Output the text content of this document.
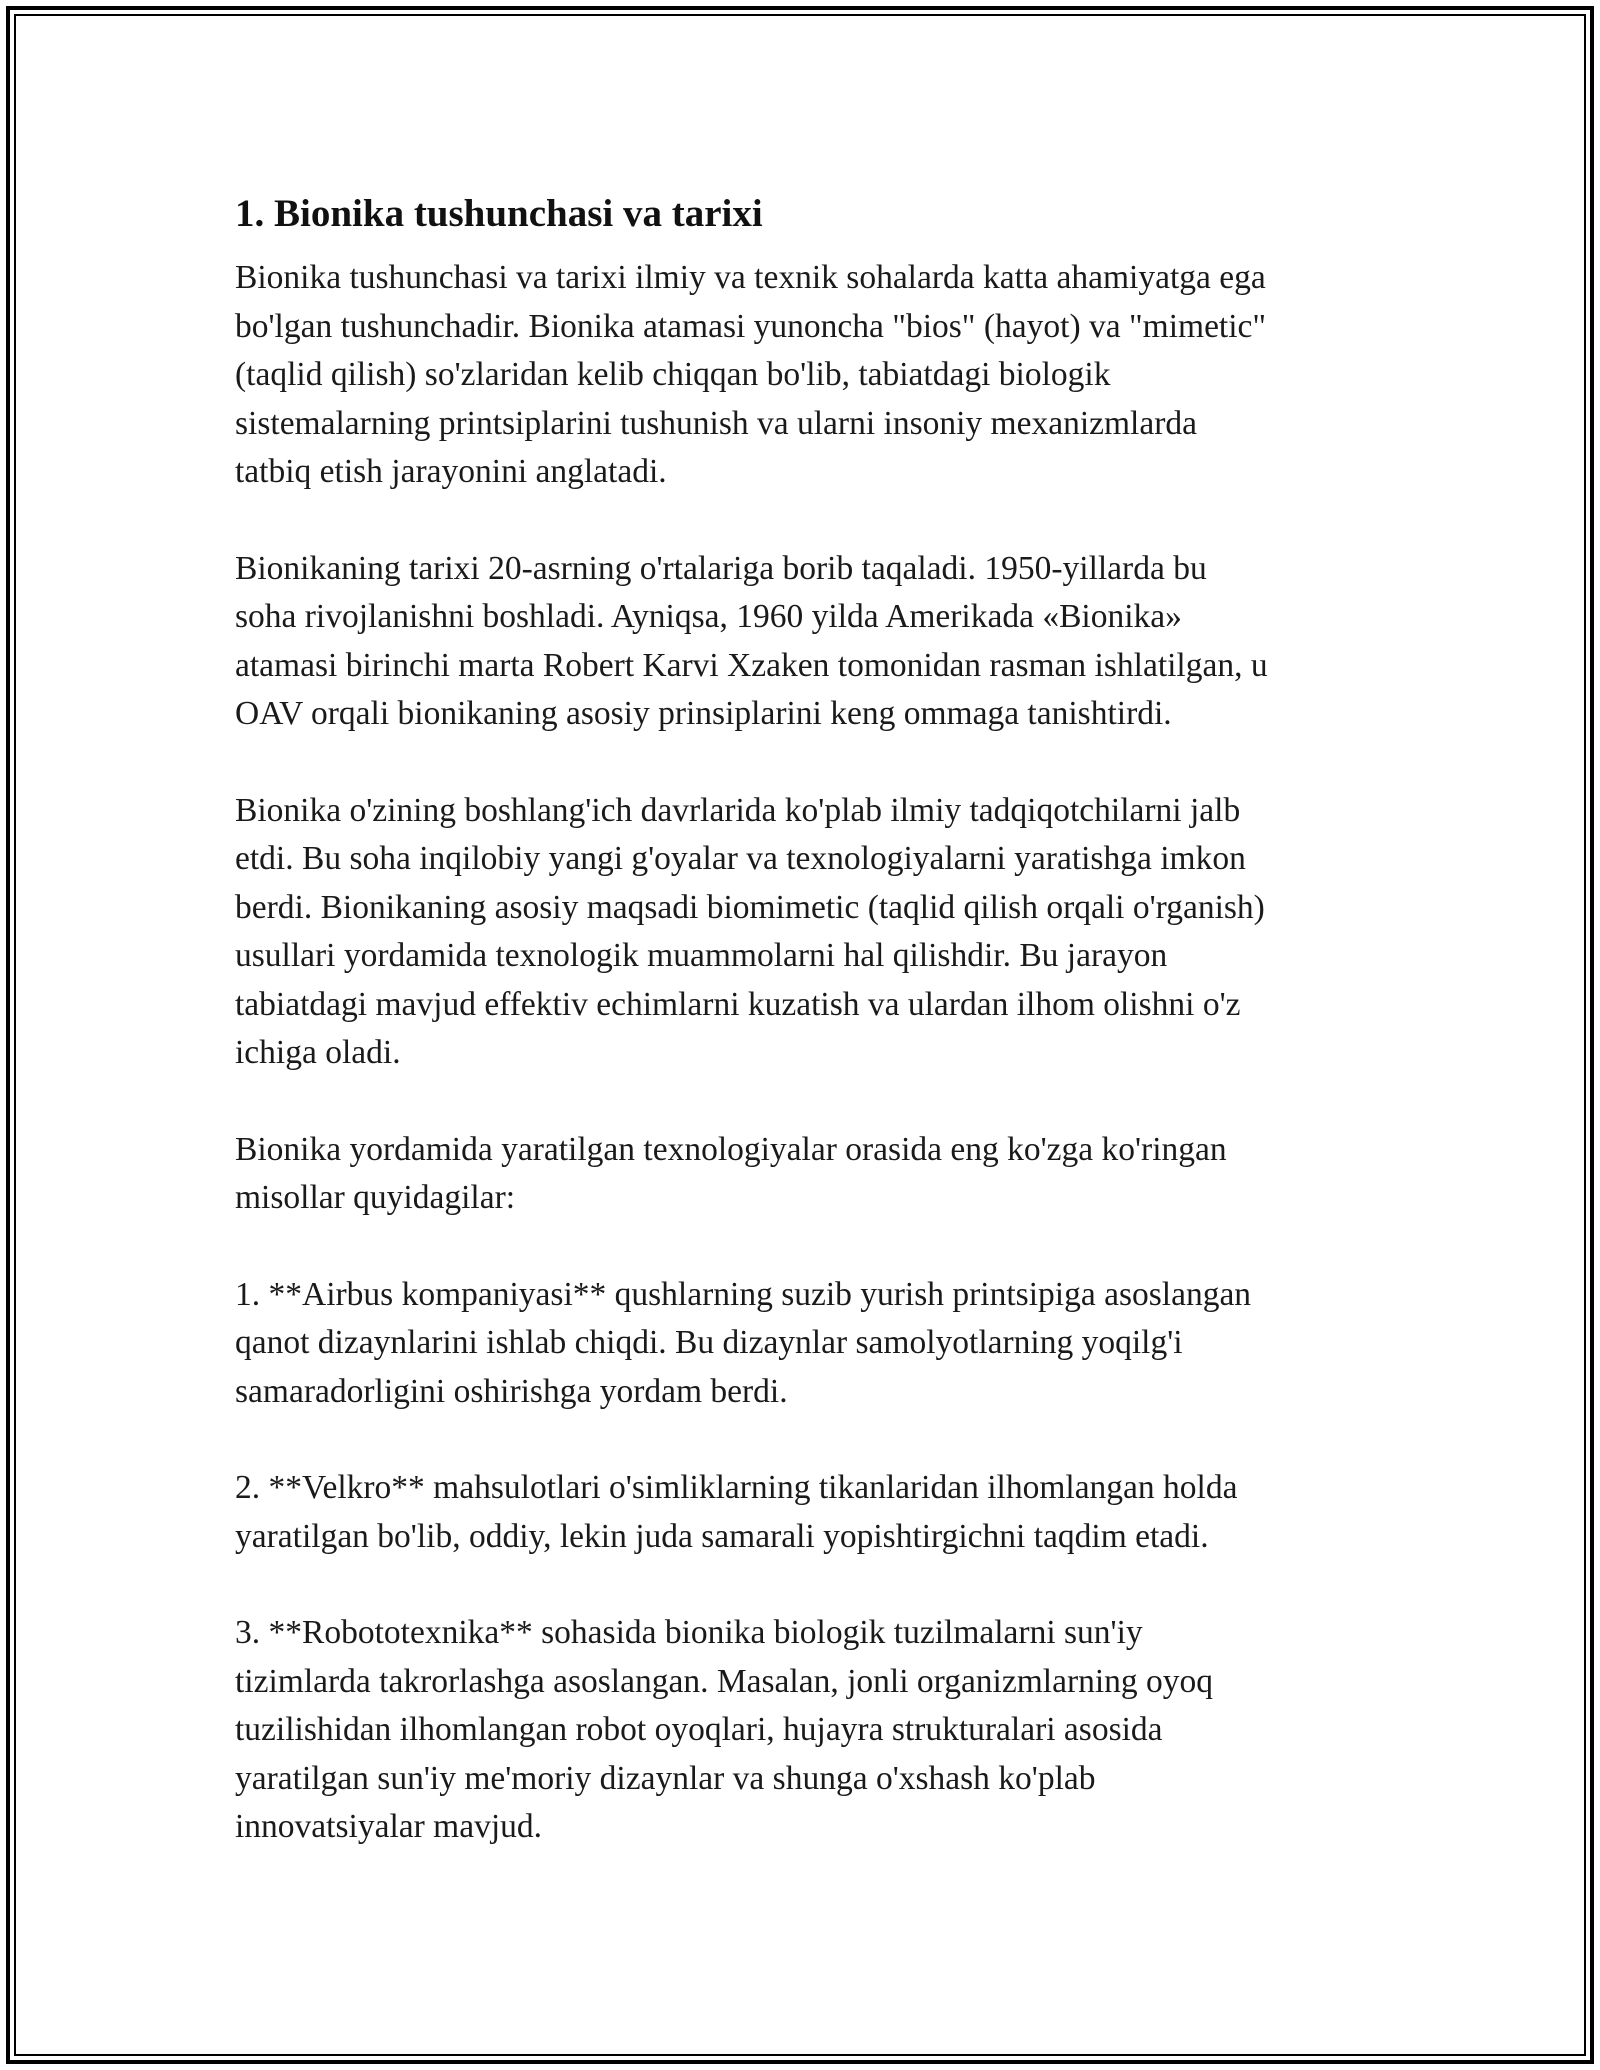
1. Bionika tushunchasi va tarixi

Bionika tushunchasi va tarixi ilmiy va texnik sohalarda katta ahamiyatga ega
bo'lgan tushunchadir. Bionika atamasi yunoncha "bios" (hayot) va "mimetic"
(taqlid qilish) so'zlaridan kelib chiqqan bo'lib, tabiatdagi biologik
sistemalarning printsiplarini tushunish va ularni insoniy mexanizmlarda
tatbiq etish jarayonini anglatadi.

Bionikaning tarixi 20-asrning o'rtalariga borib taqaladi. 1950-yillarda bu
soha rivojlanishni boshladi. Ayniqsa, 1960 yilda Amerikada «Bionika»
atamasi birinchi marta Robert Karvi Xzaken tomonidan rasman ishlatilgan, u
OAV orqali bionikaning asosiy prinsiplarini keng ommaga tanishtirdi.

Bionika o'zining boshlang'ich davrlarida ko'plab ilmiy tadqiqotchilarni jalb
etdi. Bu soha inqilobiy yangi g'oyalar va texnologiyalarni yaratishga imkon
berdi. Bionikaning asosiy maqsadi biomimetic (taqlid qilish orqali o'rganish)
usullari yordamida texnologik muammolarni hal qilishdir. Bu jarayon
tabiatdagi mavjud effektiv echimlarni kuzatish va ulardan ilhom olishni o'z
ichiga oladi.

Bionika yordamida yaratilgan texnologiyalar orasida eng ko'zga ko'ringan
misollar quyidagilar:

1. **Airbus kompaniyasi** qushlarning suzib yurish printsipiga asoslangan
qanot dizaynlarini ishlab chiqdi. Bu dizaynlar samolyotlarning yoqilg'i
samaradorligini oshirishga yordam berdi.

2. **Velkro** mahsulotlari o'simliklarning tikanlaridan ilhomlangan holda
yaratilgan bo'lib, oddiy, lekin juda samarali yopishtirgichni taqdim etadi.

3. **Robototexnika** sohasida bionika biologik tuzilmalarni sun'iy
tizimlarda takrorlashga asoslangan. Masalan, jonli organizmlarning oyoq
tuzilishidan ilhomlangan robot oyoqlari, hujayra strukturalari asosida
yaratilgan sun'iy me'moriy dizaynlar va shunga o'xshash ko'plab
innovatsiyalar mavjud.
